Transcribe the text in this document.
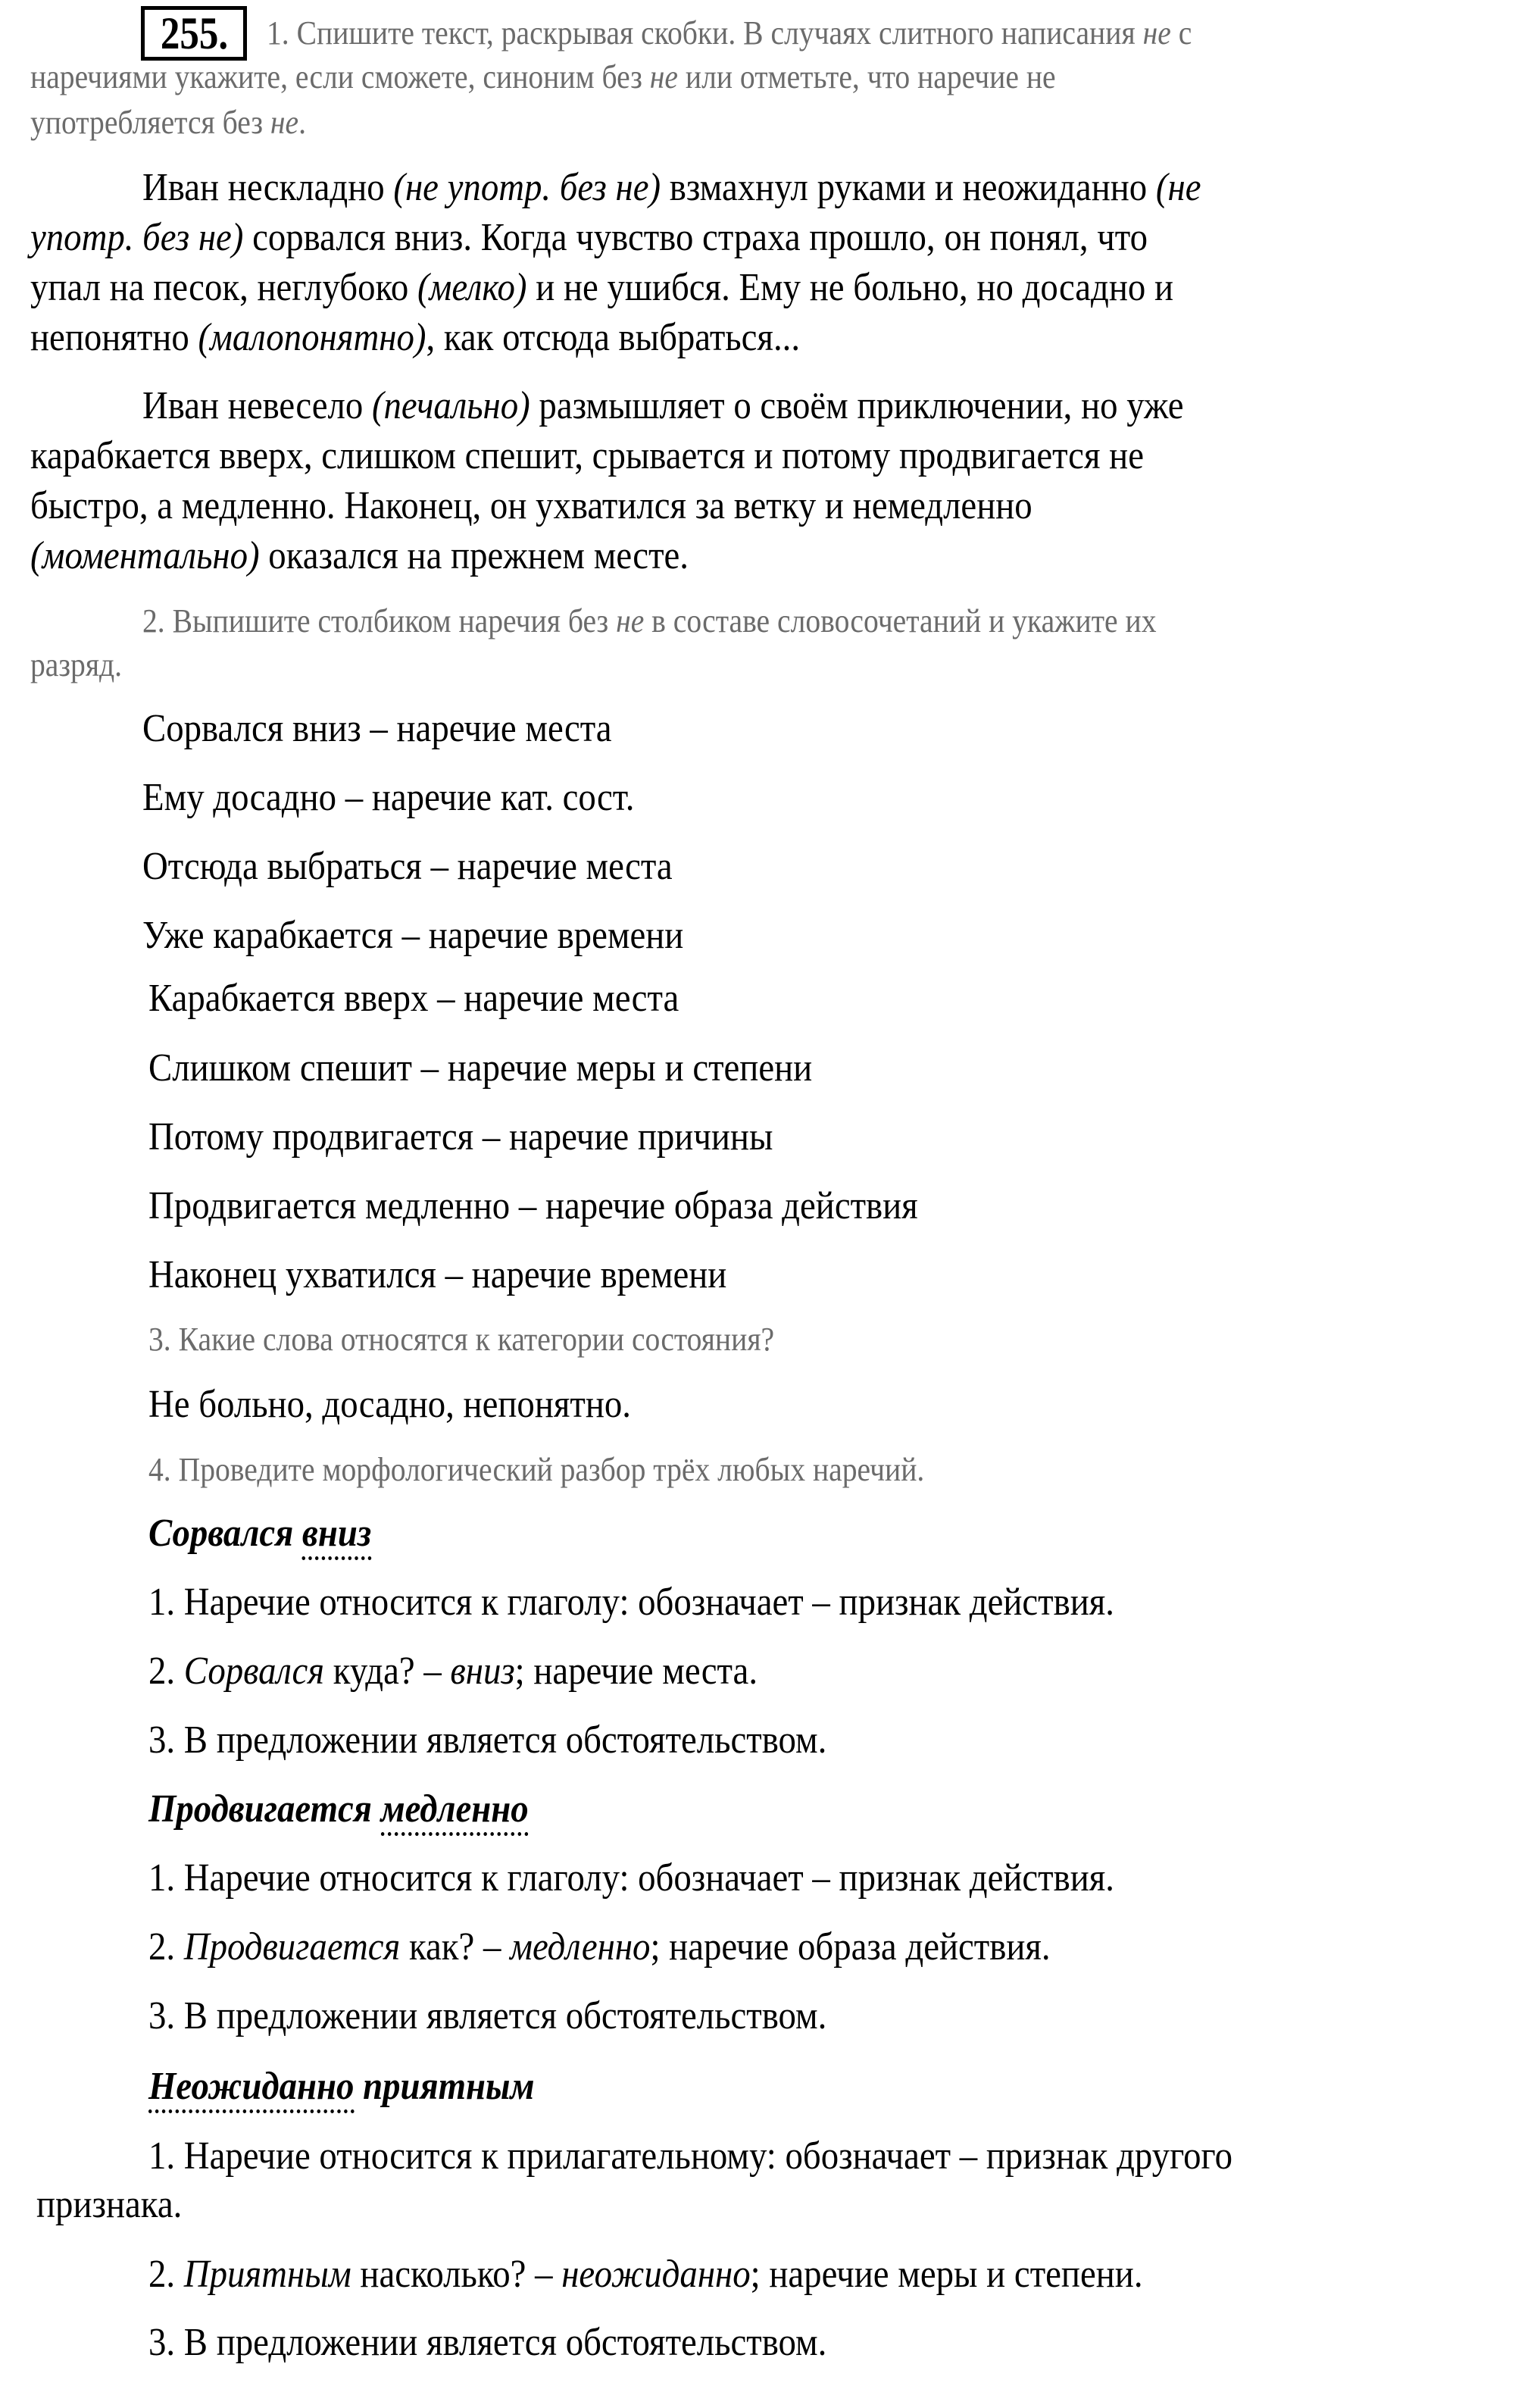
255.	1. Спишите текст, раскрывая скобки. В случаях слитного написания не с
наречиями укажите, если сможете, синоним без не или отметьте, что наречие не
употребляется без не.
Иван нескладно (не употр. без не) взмахнул руками и неожиданно (не
употр. без не) сорвался вниз. Когда чувство страха прошло, он понял, что
упал на песок, неглубоко (мелко) и не ушибся. Ему не больно, но досадно и
непонятно (малопонятно), как отсюда выбраться...
Иван невесело (печально) размышляет о своём приключении, но уже
карабкается вверх, слишком спешит, срывается и потому продвигается не
быстро, а медленно. Наконец, он ухватился за ветку и немедленно
(моментально) оказался на прежнем месте.
2. Выпишите столбиком наречия без не в составе словосочетаний и укажите их
разряд.
Сорвался вниз – наречие места
Ему досадно – наречие кат. сост.
Отсюда выбраться – наречие места
Уже карабкается – наречие времени
Карабкается вверх – наречие места
Слишком спешит – наречие меры и степени
Потому продвигается – наречие причины
Продвигается медленно – наречие образа действия
Наконец ухватился – наречие времени
3. Какие слова относятся к категории состояния?
Не больно, досадно, непонятно.
4. Проведите морфологический разбор трёх любых наречий.
Сорвался вниз
1. Наречие относится к глаголу: обозначает – признак действия.
2. Сорвался куда? – вниз; наречие места.
3. В предложении является обстоятельством.
Продвигается медленно
1. Наречие относится к глаголу: обозначает – признак действия.
2. Продвигается как? – медленно; наречие образа действия.
3. В предложении является обстоятельством.
Неожиданно приятным
1. Наречие относится к прилагательному: обозначает – признак другого
признака.
2. Приятным насколько? – неожиданно; наречие меры и степени.
3. В предложении является обстоятельством.
